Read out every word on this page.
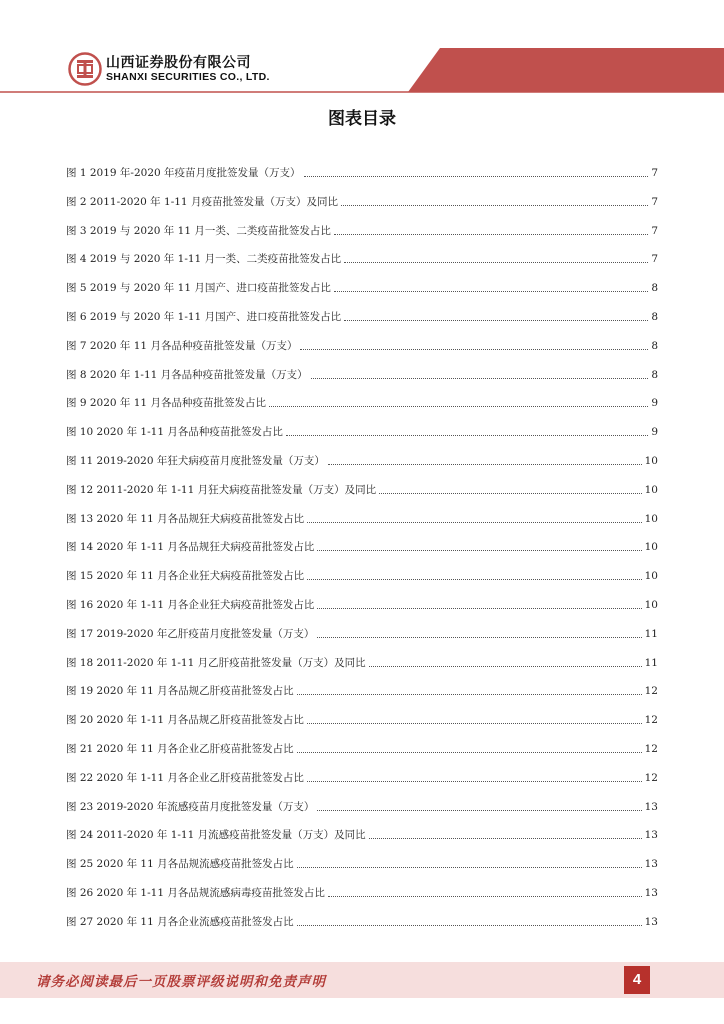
山西证券股份有限公司
SHANXI SECURITIES CO., LTD.
图表目录
图 1 2019 年-2020 年疫苗月度批签发量（万支）	7
图 2 2011-2020 年 1-11 月疫苗批签发量（万支）及同比	7
图 3 2019 与 2020 年 11 月一类、二类疫苗批签发占比	7
图 4 2019 与 2020 年 1-11 月一类、二类疫苗批签发占比	7
图 5 2019 与 2020 年 11 月国产、进口疫苗批签发占比	8
图 6 2019 与 2020 年 1-11 月国产、进口疫苗批签发占比	8
图 7 2020 年 11 月各品种疫苗批签发量（万支）	8
图 8 2020 年 1-11 月各品种疫苗批签发量（万支）	8
图 9 2020 年 11 月各品种疫苗批签发占比	9
图 10 2020 年 1-11 月各品种疫苗批签发占比	9
图 11 2019-2020 年狂犬病疫苗月度批签发量（万支）	10
图 12 2011-2020 年 1-11 月狂犬病疫苗批签发量（万支）及同比	10
图 13 2020 年 11 月各品规狂犬病疫苗批签发占比	10
图 14 2020 年 1-11 月各品规狂犬病疫苗批签发占比	10
图 15 2020 年 11 月各企业狂犬病疫苗批签发占比	10
图 16 2020 年 1-11 月各企业狂犬病疫苗批签发占比	10
图 17 2019-2020 年乙肝疫苗月度批签发量（万支）	11
图 18 2011-2020 年 1-11 月乙肝疫苗批签发量（万支）及同比	11
图 19 2020 年 11 月各品规乙肝疫苗批签发占比	12
图 20 2020 年 1-11 月各品规乙肝疫苗批签发占比	12
图 21 2020 年 11 月各企业乙肝疫苗批签发占比	12
图 22 2020 年 1-11 月各企业乙肝疫苗批签发占比	12
图 23 2019-2020 年流感疫苗月度批签发量（万支）	13
图 24 2011-2020 年 1-11 月流感疫苗批签发量（万支）及同比	13
图 25 2020 年 11 月各品规流感疫苗批签发占比	13
图 26 2020 年 1-11 月各品规流感病毒疫苗批签发占比	13
图 27 2020 年 11 月各企业流感疫苗批签发占比	13
请务必阅读最后一页股票评级说明和免责声明	4
